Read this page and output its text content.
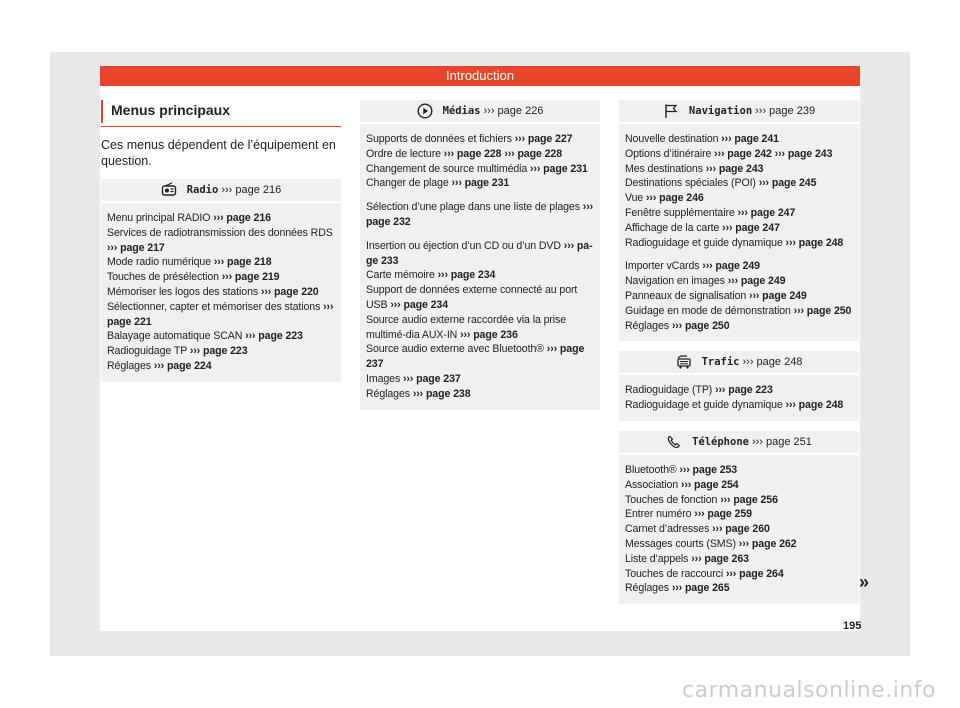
Introduction
Menus principaux
Ces menus dépendent de l’équipement en question.
Radio ››› page 216
Menu principal RADIO ››› page 216
Services de radiotransmission des données RDS ››› page 217
Mode radio numérique ››› page 218
Touches de présélection ››› page 219
Mémoriser les logos des stations ››› page 220
Sélectionner, capter et mémoriser des stations ››› page 221
Balayage automatique SCAN ››› page 223
Radioguidage TP ››› page 223
Réglages ››› page 224
Médias ››› page 226
Supports de données et fichiers ››› page 227
Ordre de lecture ››› page 228 ››› page 228
Changement de source multimédia ››› page 231
Changer de plage ››› page 231
Sélection d’une plage dans une liste de plages ››› page 232
Insertion ou éjection d’un CD ou d’un DVD ››› pa-ge 233
Carte mémoire ››› page 234
Support de données externe connecté au port USB ››› page 234
Source audio externe raccordée via la prise multimé-dia AUX-IN ››› page 236
Source audio externe avec Bluetooth® ››› page 237
Images ››› page 237
Réglages ››› page 238
Navigation ››› page 239
Nouvelle destination ››› page 241
Options d’itinéraire ››› page 242 ››› page 243
Mes destinations ››› page 243
Destinations spéciales (POI) ››› page 245
Vue ››› page 246
Fenêtre supplémentaire ››› page 247
Affichage de la carte ››› page 247
Radioguidage et guide dynamique ››› page 248
Importer vCards ››› page 249
Navigation en images ››› page 249
Panneaux de signalisation ››› page 249
Guidage en mode de démonstration ››› page 250
Réglages ››› page 250
Trafic ››› page 248
Radioguidage (TP) ››› page 223
Radioguidage et guide dynamique ››› page 248
Téléphone ››› page 251
Bluetooth® ››› page 253
Association ››› page 254
Touches de fonction ››› page 256
Entrer numéro ››› page 259
Carnet d’adresses ››› page 260
Messages courts (SMS) ››› page 262
Liste d’appels ››› page 263
Touches de raccourci ››› page 264
Réglages ››› page 265	»
195
carmanualsonline.info
